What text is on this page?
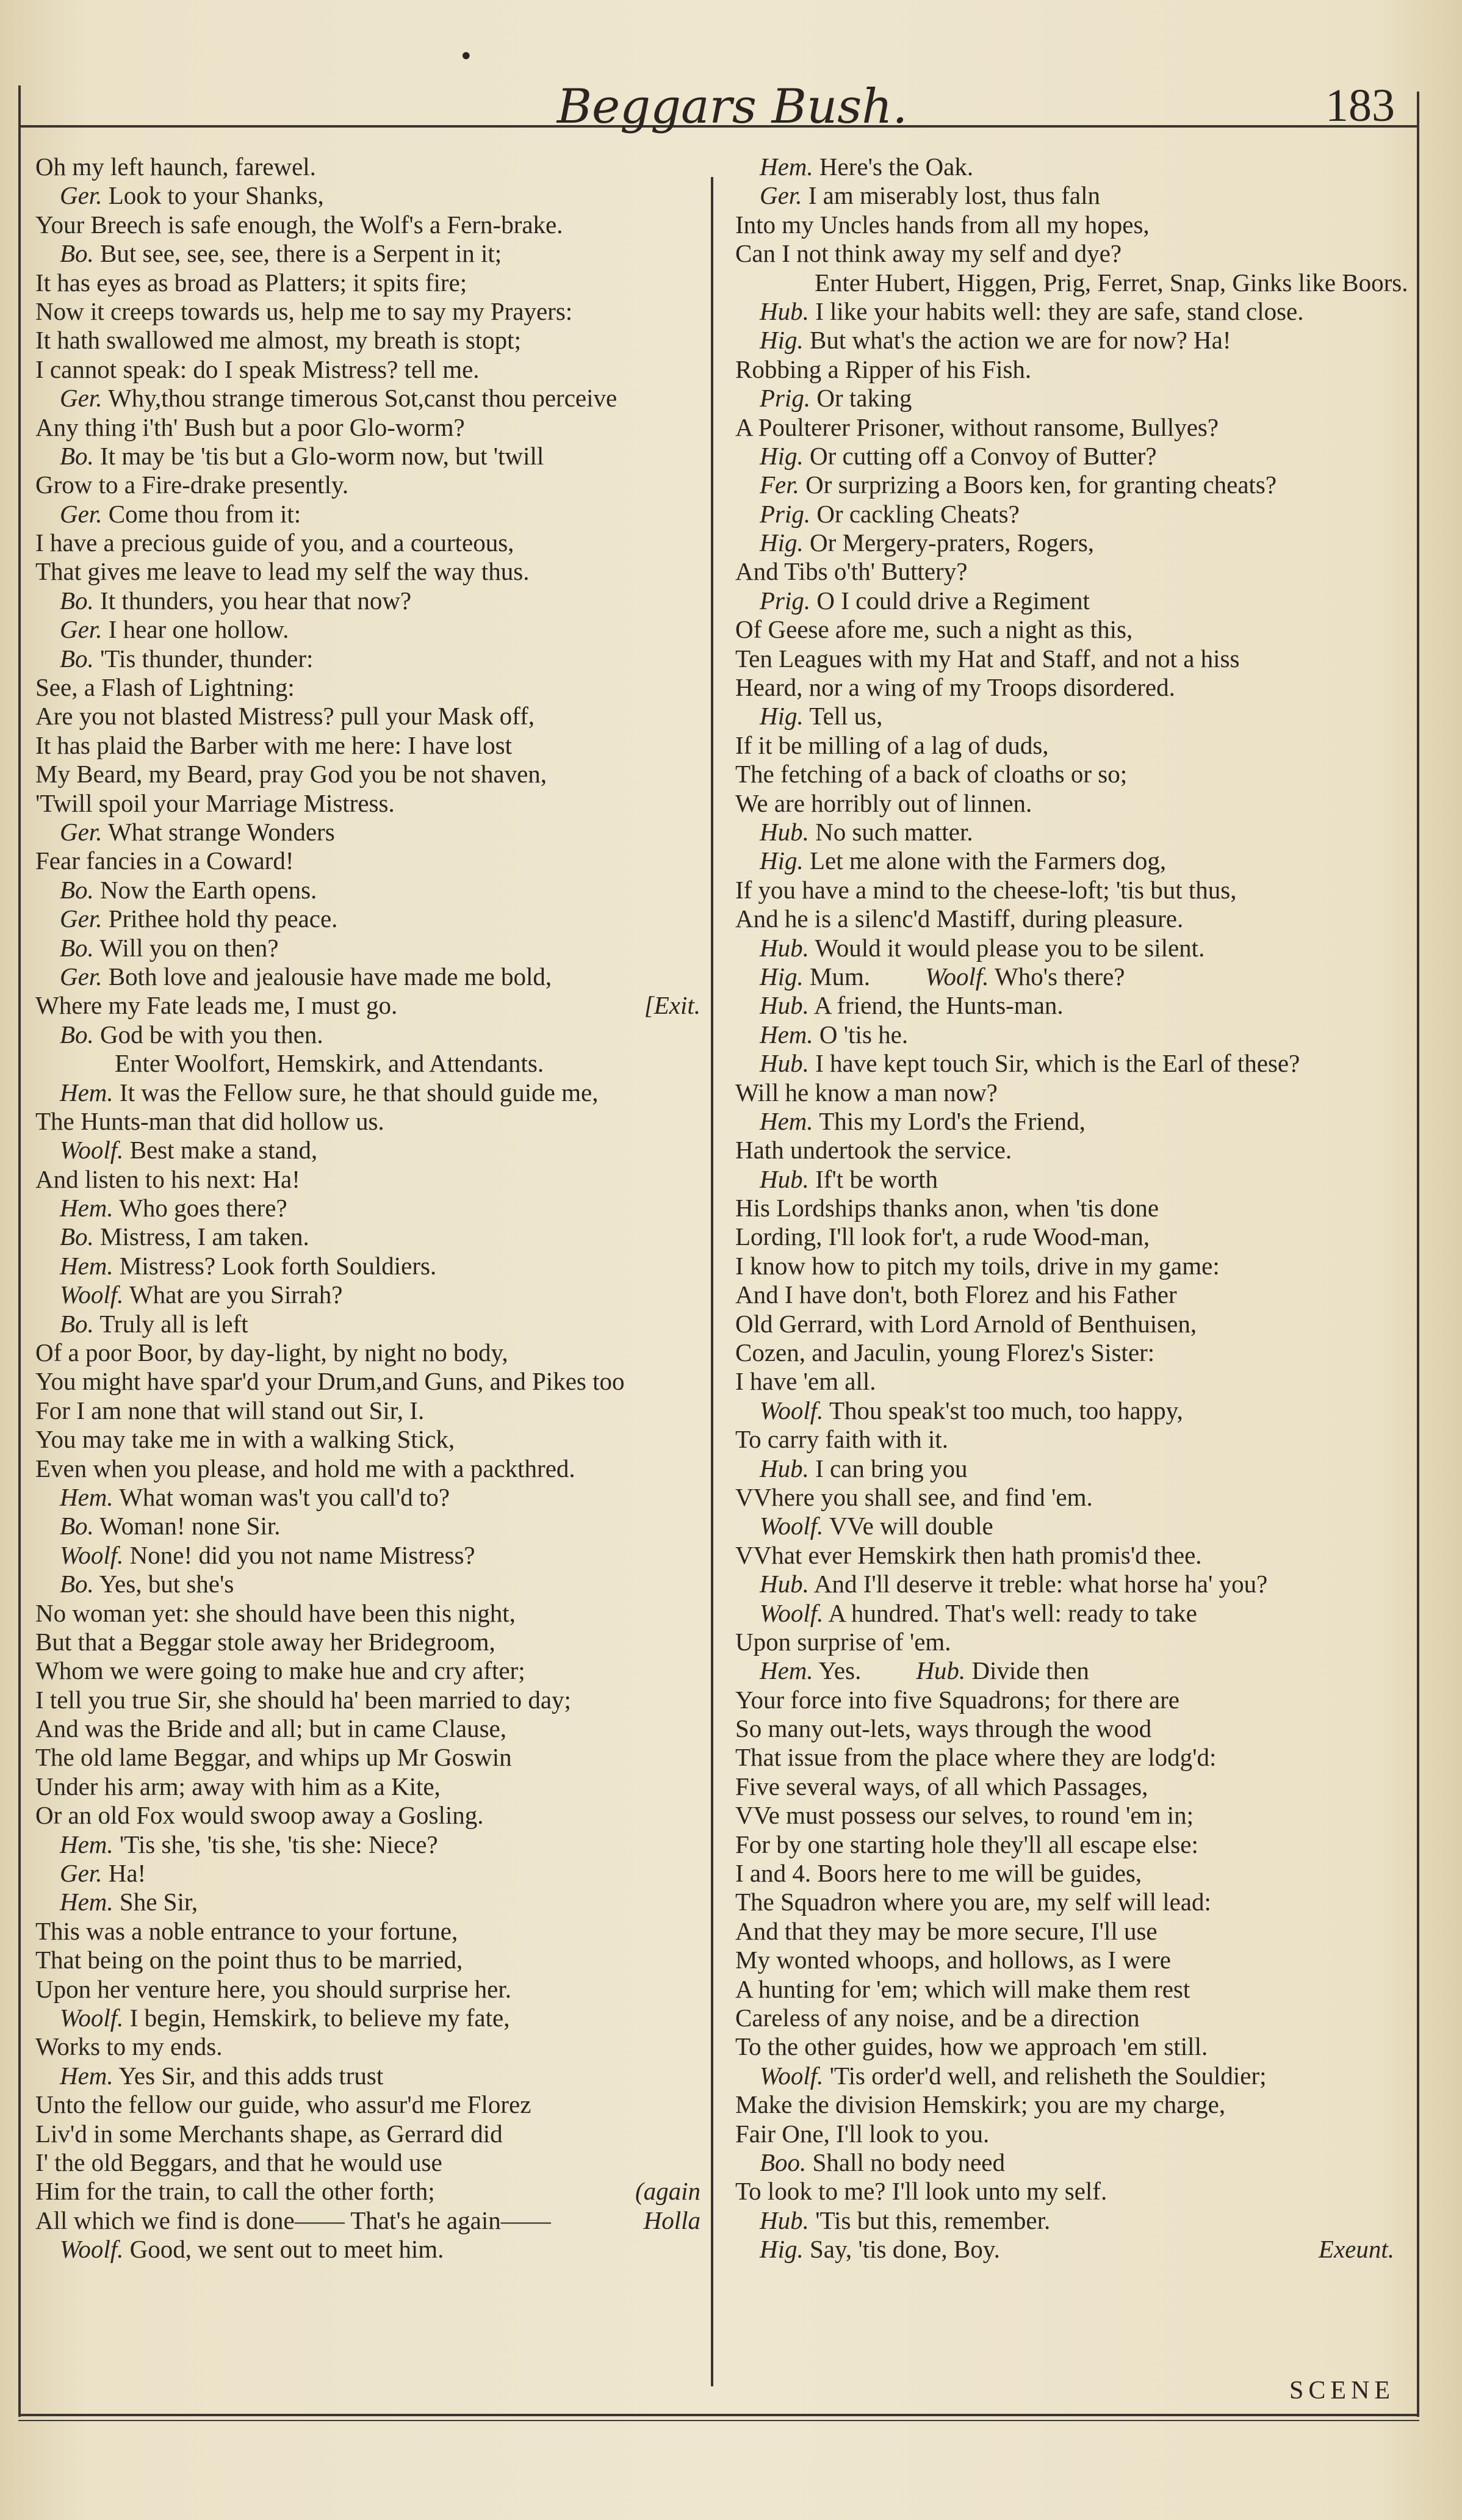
•
Beggars Bush.	183
Oh my left haunch, farewel.
Ger. Look to your Shanks,
Your Breech is safe enough, the Wolf's a Fern-brake.
Bo. But see, see, see, there is a Serpent in it;
It has eyes as broad as Platters; it spits fire;
Now it creeps towards us, help me to say my Prayers:
It hath swallowed me almost, my breath is stopt;
I cannot speak: do I speak Mistress? tell me.
Ger. Why,thou strange timerous Sot,canst thou perceive
Any thing i'th' Bush but a poor Glo-worm?
Bo. It may be 'tis but a Glo-worm now, but 'twill
Grow to a Fire-drake presently.
Ger. Come thou from it:
I have a precious guide of you, and a courteous,
That gives me leave to lead my self the way thus.
Bo. It thunders, you hear that now?
Ger. I hear one hollow.
Bo. 'Tis thunder, thunder:
See, a Flash of Lightning:
Are you not blasted Mistress? pull your Mask off,
It has plaid the Barber with me here: I have lost
My Beard, my Beard, pray God you be not shaven,
'Twill spoil your Marriage Mistress.
Ger. What strange Wonders
Fear fancies in a Coward!
Bo. Now the Earth opens.
Ger. Prithee hold thy peace.
Bo. Will you on then?
Ger. Both love and jealousie have made me bold,
Where my Fate leads me, I must go.	[Exit.
Bo. God be with you then.
Enter Woolfort, Hemskirk, and Attendants.
Hem. It was the Fellow sure, he that should guide me,
The Hunts-man that did hollow us.
Woolf. Best make a stand,
And listen to his next: Ha!
Hem. Who goes there?
Bo. Mistress, I am taken.
Hem. Mistress? Look forth Souldiers.
Woolf. What are you Sirrah?
Bo. Truly all is left
Of a poor Boor, by day-light, by night no body,
You might have spar'd your Drum,and Guns, and Pikes too
For I am none that will stand out Sir, I.
You may take me in with a walking Stick,
Even when you please, and hold me with a packthred.
Hem. What woman was't you call'd to?
Bo. Woman! none Sir.
Woolf. None! did you not name Mistress?
Bo. Yes, but she's
No woman yet: she should have been this night,
But that a Beggar stole away her Bridegroom,
Whom we were going to make hue and cry after;
I tell you true Sir, she should ha' been married to day;
And was the Bride and all; but in came Clause,
The old lame Beggar, and whips up Mr Goswin
Under his arm; away with him as a Kite,
Or an old Fox would swoop away a Gosling.
Hem. 'Tis she, 'tis she, 'tis she: Niece?
Ger. Ha!
Hem. She Sir,
This was a noble entrance to your fortune,
That being on the point thus to be married,
Upon her venture here, you should surprise her.
Woolf. I begin, Hemskirk, to believe my fate,
Works to my ends.
Hem. Yes Sir, and this adds trust
Unto the fellow our guide, who assur'd me Florez
Liv'd in some Merchants shape, as Gerrard did
I' the old Beggars, and that he would use
Him for the train, to call the other forth;	(again
All which we find is done—— That's he again——	Holla
Woolf. Good, we sent out to meet him.
Hem. Here's the Oak.
Ger. I am miserably lost, thus faln
Into my Uncles hands from all my hopes,
Can I not think away my self and dye?
Enter Hubert, Higgen, Prig, Ferret, Snap, Ginks like Boors.
Hub. I like your habits well: they are safe, stand close.
Hig. But what's the action we are for now? Ha!
Robbing a Ripper of his Fish.
Prig. Or taking
A Poulterer Prisoner, without ransome, Bullyes?
Hig. Or cutting off a Convoy of Butter?
Fer. Or surprizing a Boors ken, for granting cheats?
Prig. Or cackling Cheats?
Hig. Or Mergery-praters, Rogers,
And Tibs o'th' Buttery?
Prig. O I could drive a Regiment
Of Geese afore me, such a night as this,
Ten Leagues with my Hat and Staff, and not a hiss
Heard, nor a wing of my Troops disordered.
Hig. Tell us,
If it be milling of a lag of duds,
The fetching of a back of cloaths or so;
We are horribly out of linnen.
Hub. No such matter.
Hig. Let me alone with the Farmers dog,
If you have a mind to the cheese-loft; 'tis but thus,
And he is a silenc'd Mastiff, during pleasure.
Hub. Would it would please you to be silent.
Hig. Mum. Woolf. Who's there?
Hub. A friend, the Hunts-man.
Hem. O 'tis he.
Hub. I have kept touch Sir, which is the Earl of these?
Will he know a man now?
Hem. This my Lord's the Friend,
Hath undertook the service.
Hub. If't be worth
His Lordships thanks anon, when 'tis done
Lording, I'll look for't, a rude Wood-man,
I know how to pitch my toils, drive in my game:
And I have don't, both Florez and his Father
Old Gerrard, with Lord Arnold of Benthuisen,
Cozen, and Jaculin, young Florez's Sister:
I have 'em all.
Woolf. Thou speak'st too much, too happy,
To carry faith with it.
Hub. I can bring you
VVhere you shall see, and find 'em.
Woolf. VVe will double
VVhat ever Hemskirk then hath promis'd thee.
Hub. And I'll deserve it treble: what horse ha' you?
Woolf. A hundred. That's well: ready to take
Upon surprise of 'em.
Hem. Yes. Hub. Divide then
Your force into five Squadrons; for there are
So many out-lets, ways through the wood
That issue from the place where they are lodg'd:
Five several ways, of all which Passages,
VVe must possess our selves, to round 'em in;
For by one starting hole they'll all escape else:
I and 4. Boors here to me will be guides,
The Squadron where you are, my self will lead:
And that they may be more secure, I'll use
My wonted whoops, and hollows, as I were
A hunting for 'em; which will make them rest
Careless of any noise, and be a direction
To the other guides, how we approach 'em still.
Woolf. 'Tis order'd well, and relisheth the Souldier;
Make the division Hemskirk; you are my charge,
Fair One, I'll look to you.
Boo. Shall no body need
To look to me? I'll look unto my self.
Hub. 'Tis but this, remember.
Hig. Say, 'tis done, Boy.	Exeunt.
SCENE
